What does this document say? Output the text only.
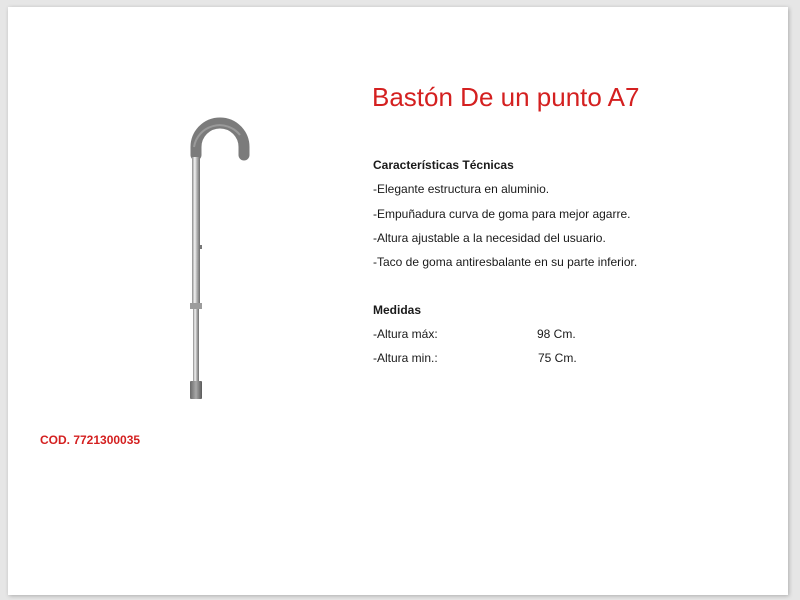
Bastón De un punto A7
Características Técnicas
-Elegante estructura en aluminio.
-Empuñadura curva de goma para mejor agarre.
-Altura ajustable a la necesidad del usuario.
-Taco de goma antiresbalante en su parte inferior.
Medidas
-Altura máx:	98 Cm.
-Altura min.:	75 Cm.
COD. 7721300035
